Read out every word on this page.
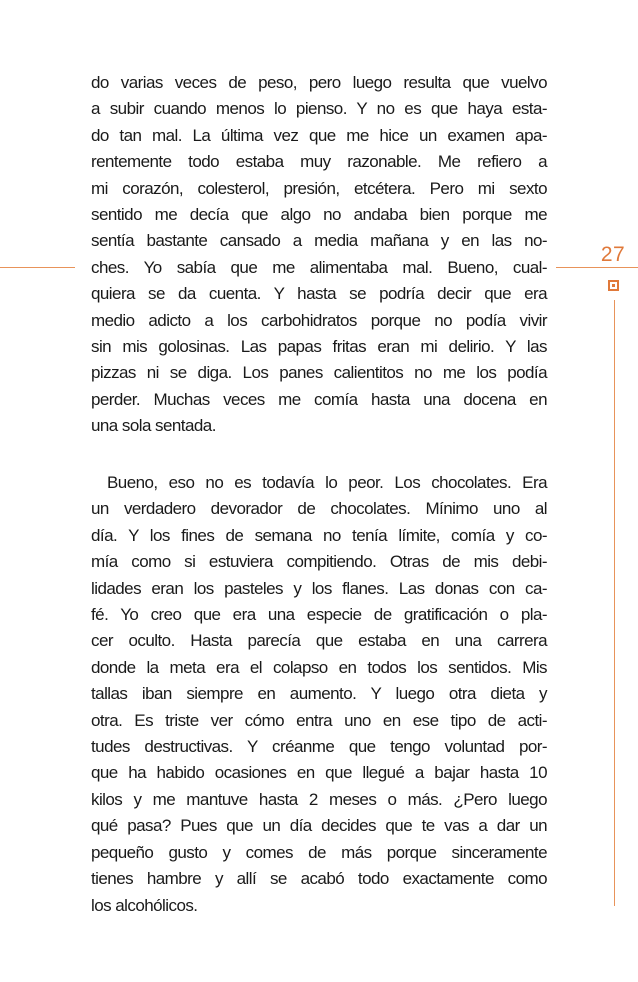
27
do varias veces de peso, pero luego resulta que vuelvo
a subir cuando menos lo pienso. Y no es que haya esta-
do tan mal. La última vez que me hice un examen apa-
rentemente todo estaba muy razonable. Me refiero a
mi corazón, colesterol, presión, etcétera. Pero mi sexto
sentido me decía que algo no andaba bien porque me
sentía bastante cansado a media mañana y en las no-
ches. Yo sabía que me alimentaba mal. Bueno, cual-
quiera se da cuenta. Y hasta se podría decir que era
medio adicto a los carbohidratos porque no podía vivir
sin mis golosinas. Las papas fritas eran mi delirio. Y las
pizzas ni se diga. Los panes calientitos no me los podía
perder. Muchas veces me comía hasta una docena en
una sola sentada.
Bueno, eso no es todavía lo peor. Los chocolates. Era
un verdadero devorador de chocolates. Mínimo uno al
día. Y los fines de semana no tenía límite, comía y co-
mía como si estuviera compitiendo. Otras de mis debi-
lidades eran los pasteles y los flanes. Las donas con ca-
fé. Yo creo que era una especie de gratificación o pla-
cer oculto. Hasta parecía que estaba en una carrera
donde la meta era el colapso en todos los sentidos. Mis
tallas iban siempre en aumento. Y luego otra dieta y
otra. Es triste ver cómo entra uno en ese tipo de acti-
tudes destructivas. Y créanme que tengo voluntad por-
que ha habido ocasiones en que llegué a bajar hasta 10
kilos y me mantuve hasta 2 meses o más. ¿Pero luego
qué pasa? Pues que un día decides que te vas a dar un
pequeño gusto y comes de más porque sinceramente
tienes hambre y allí se acabó todo exactamente como
los alcohólicos.
